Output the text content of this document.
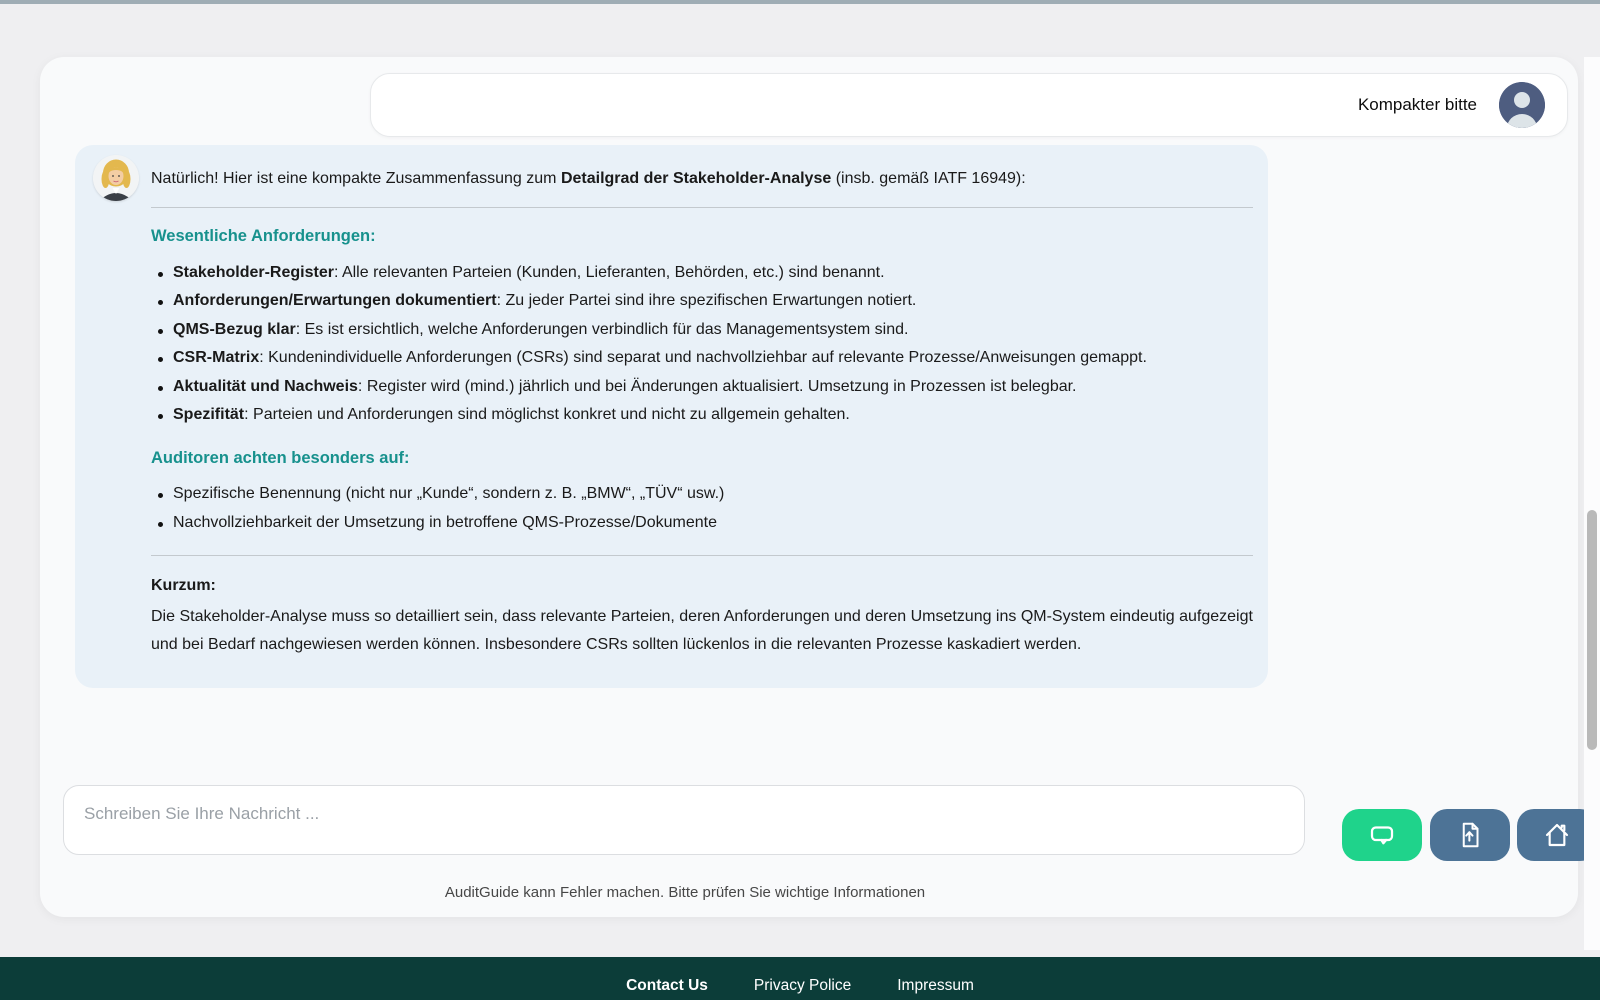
Kompakter bitte

Natürlich! Hier ist eine kompakte Zusammenfassung zum Detailgrad der Stakeholder-Analyse (insb. gemäß IATF 16949):

Wesentliche Anforderungen:
Stakeholder-Register: Alle relevanten Parteien (Kunden, Lieferanten, Behörden, etc.) sind benannt.
Anforderungen/Erwartungen dokumentiert: Zu jeder Partei sind ihre spezifischen Erwartungen notiert.
QMS-Bezug klar: Es ist ersichtlich, welche Anforderungen verbindlich für das Managementsystem sind.
CSR-Matrix: Kundenindividuelle Anforderungen (CSRs) sind separat und nachvollziehbar auf relevante Prozesse/Anweisungen gemappt.
Aktualität und Nachweis: Register wird (mind.) jährlich und bei Änderungen aktualisiert. Umsetzung in Prozessen ist belegbar.
Spezifität: Parteien und Anforderungen sind möglichst konkret und nicht zu allgemein gehalten.
Auditoren achten besonders auf:
Spezifische Benennung (nicht nur „Kunde“, sondern z. B. „BMW“, „TÜV“ usw.)
Nachvollziehbarkeit der Umsetzung in betroffene QMS-Prozesse/Dokumente

Kurzum:

Die Stakeholder-Analyse muss so detailliert sein, dass relevante Parteien, deren Anforderungen und deren Umsetzung ins QM-System eindeutig aufgezeigt und bei Bedarf nachgewiesen werden können. Insbesondere CSRs sollten lückenlos in die relevanten Prozesse kaskadiert werden.

Schreiben Sie Ihre Nachricht ...
AuditGuide kann Fehler machen. Bitte prüfen Sie wichtige Informationen
Contact Us	Privacy Police	Impressum
